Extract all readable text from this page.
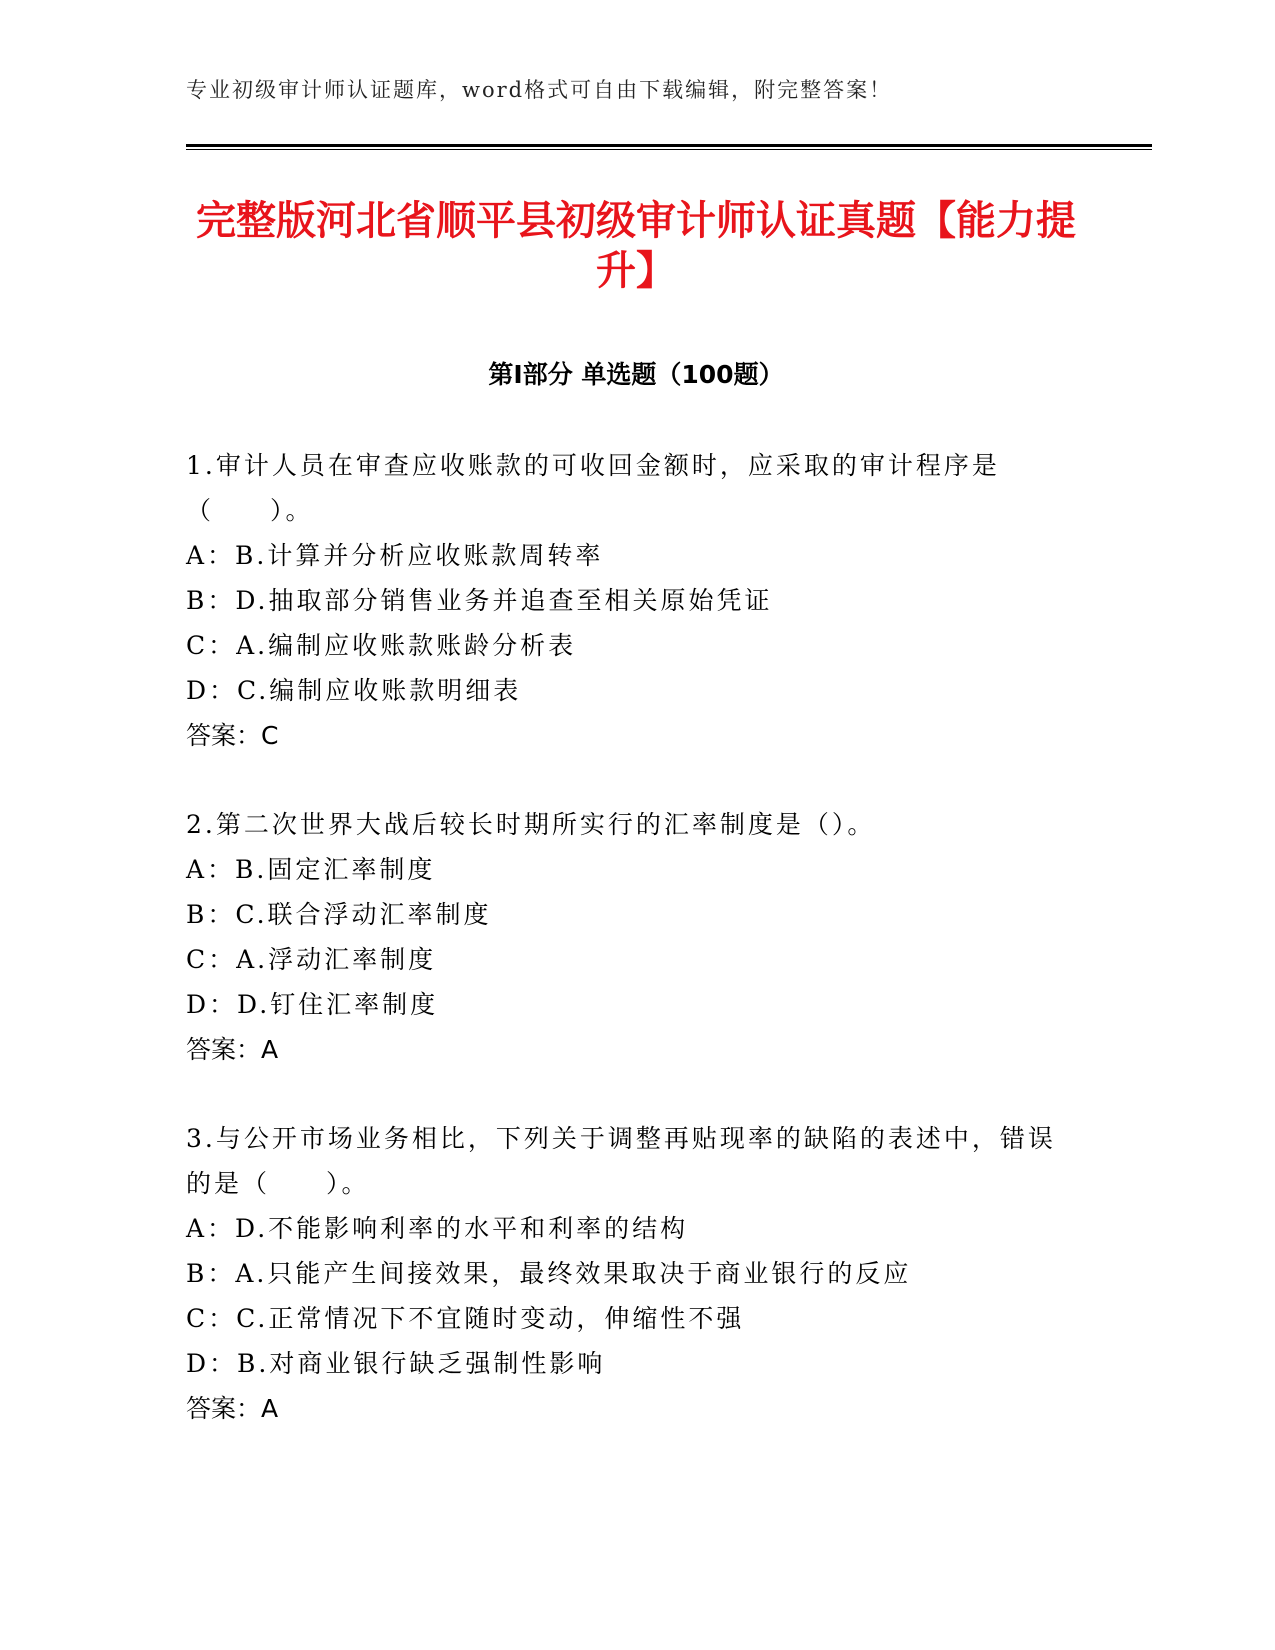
专业初级审计师认证题库，word格式可自由下载编辑，附完整答案！
完整版河北省顺平县初级审计师认证真题【能力提升】
第I部分 单选题（100题）
1.审计人员在审查应收账款的可收回金额时，应采取的审计程序是（　　）。
A：B.计算并分析应收账款周转率
B：D.抽取部分销售业务并追查至相关原始凭证
C：A.编制应收账款账龄分析表
D：C.编制应收账款明细表
答案：C
2.第二次世界大战后较长时期所实行的汇率制度是（）。
A：B.固定汇率制度
B：C.联合浮动汇率制度
C：A.浮动汇率制度
D：D.钉住汇率制度
答案：A
3.与公开市场业务相比，下列关于调整再贴现率的缺陷的表述中，错误的是（　　）。
A：D.不能影响利率的水平和利率的结构
B：A.只能产生间接效果，最终效果取决于商业银行的反应
C：C.正常情况下不宜随时变动，伸缩性不强
D：B.对商业银行缺乏强制性影响
答案：A
